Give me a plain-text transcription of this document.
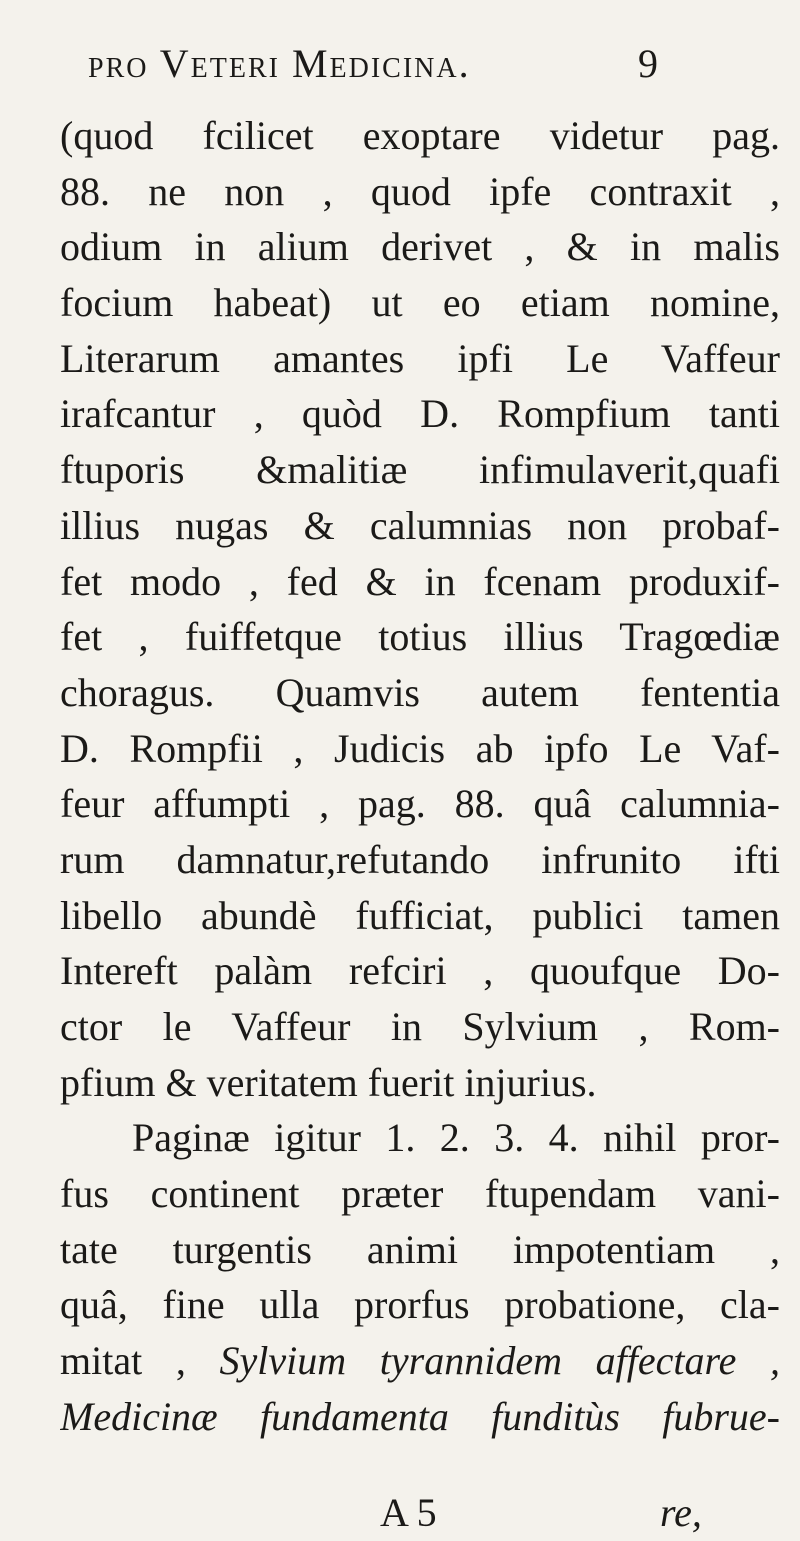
pro Veteri Medicina.	9
(quod fcilicet exoptare videtur pag.
88. ne non , quod ipfe contraxit ,
odium in alium derivet , & in malis
focium habeat) ut eo etiam nomine,
Literarum amantes ipfi Le Vaffeur
irafcantur , quòd D. Rompfium tanti
ftuporis &malitiæ infimulaverit,quafi
illius nugas & calumnias non probaf-
fet modo , fed & in fcenam produxif-
fet , fuiffetque totius illius Tragœdiæ
choragus. Quamvis autem fententia
D. Rompfii , Judicis ab ipfo Le Vaf-
feur affumpti , pag. 88. quâ calumnia-
rum damnatur,refutando infrunito ifti
libello abundè fufficiat, publici tamen
Intereft palàm refciri , quoufque Do-
ctor le Vaffeur in Sylvium , Rom-
pfium & veritatem fuerit injurius.
Paginæ igitur 1. 2. 3. 4. nihil pror-
fus continent præter ftupendam vani-
tate turgentis animi impotentiam ,
quâ, fine ulla prorfus probatione, cla-
mitat , Sylvium tyrannidem affectare ,
Medicinæ fundamenta funditùs fubrue-
A 5	re,
